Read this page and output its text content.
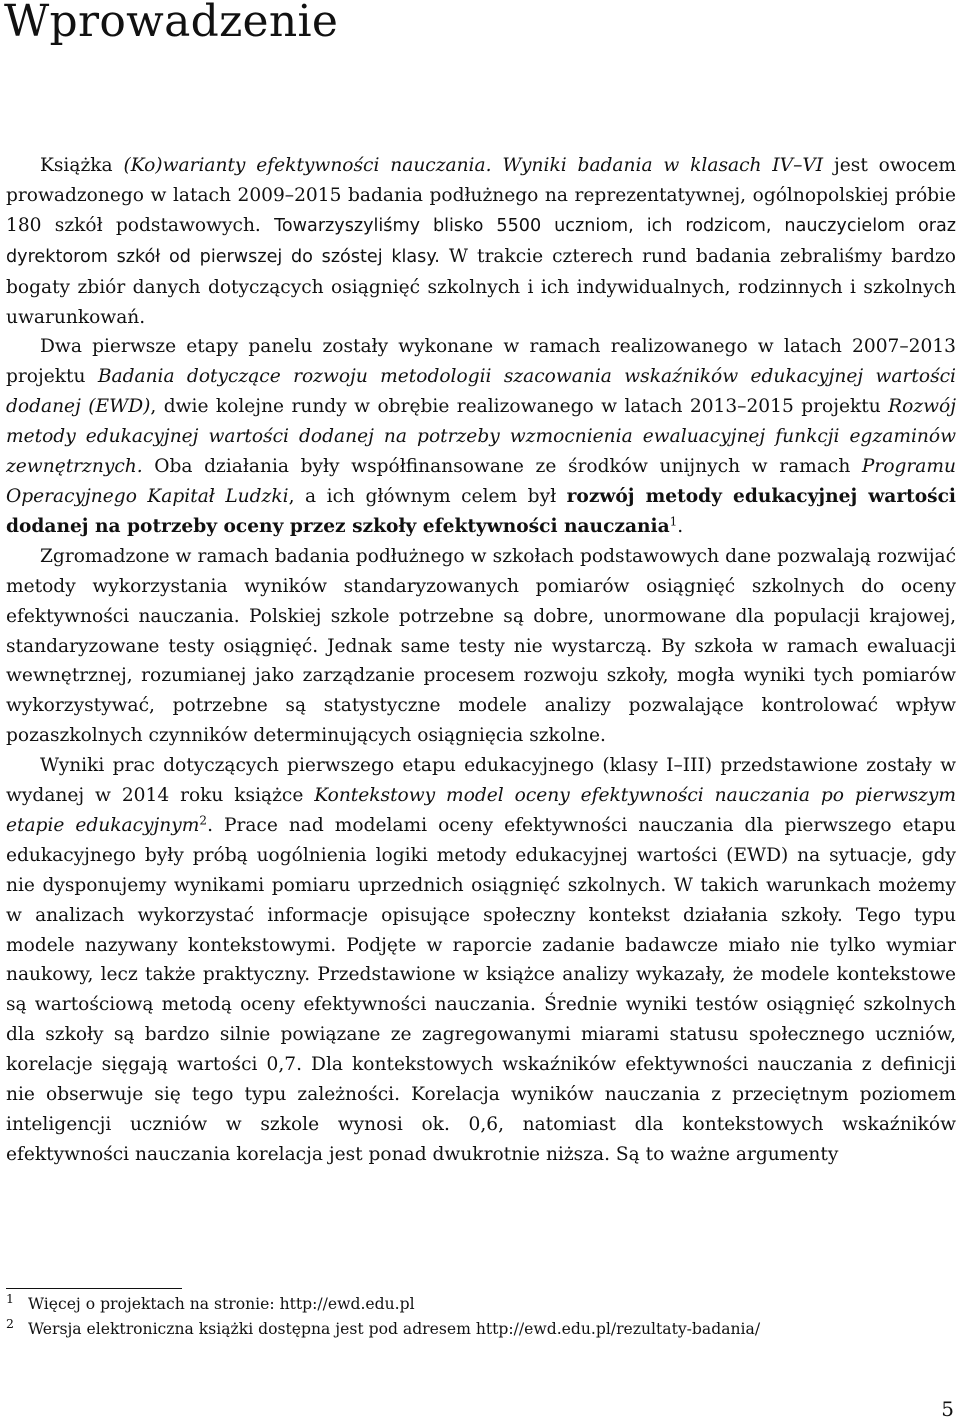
Wprowadzenie

Książka (Ko)warianty efektywności nauczania. Wyniki badania w klasach IV–VI jest owocem prowadzonego w latach 2009–2015 badania podłużnego na reprezentatywnej, ogólnopolskiej próbie 180 szkół podstawowych. Towarzyszyliśmy blisko 5500 uczniom, ich rodzicom, nauczycielom oraz dyrektorom szkół od pierwszej do szóstej klasy. W trakcie czterech rund badania zebraliśmy bardzo bogaty zbiór danych dotyczących osiągnięć szkolnych i ich indywidualnych, rodzinnych i szkolnych uwarunkowań.

Dwa pierwsze etapy panelu zostały wykonane w ramach realizowanego w latach 2007–2013 projektu Badania dotyczące rozwoju metodologii szacowania wskaźników edukacyjnej wartości dodanej (EWD), dwie kolejne rundy w obrębie realizowanego w latach 2013–2015 projektu Rozwój metody edukacyjnej wartości dodanej na potrzeby wzmocnienia ewaluacyjnej funkcji egzaminów zewnętrznych. Oba działania były współfinansowane ze środków unijnych w ramach Programu Operacyjnego Kapitał Ludzki, a ich głównym celem był rozwój metody edukacyjnej wartości dodanej na potrzeby oceny przez szkoły efektywności nauczania$^1$.

Zgromadzone w ramach badania podłużnego w szkołach podstawowych dane pozwalają rozwijać metody wykorzystania wyników standaryzowanych pomiarów osiągnięć szkolnych do oceny efektywności nauczania. Polskiej szkole potrzebne są dobre, unormowane dla populacji krajowej, standaryzowane testy osiągnięć. Jednak same testy nie wystarczą. By szkoła w ramach ewaluacji wewnętrznej, rozumianej jako zarządzanie procesem rozwoju szkoły, mogła wyniki tych pomiarów wykorzystywać, potrzebne są statystyczne modele analizy pozwalające kontrolować wpływ pozaszkolnych czynników determinujących osiągnięcia szkolne.

Wyniki prac dotyczących pierwszego etapu edukacyjnego (klasy I–III) przedstawione zostały w wydanej w 2014 roku książce Kontekstowy model oceny efektywności nauczania po pierwszym etapie edukacyjnym$^2$. Prace nad modelami oceny efektywności nauczania dla pierwszego etapu edukacyjnego były próbą uogólnienia logiki metody edukacyjnej wartości (EWD) na sytuacje, gdy nie dysponujemy wynikami pomiaru uprzednich osiągnięć szkolnych. W takich warunkach możemy w analizach wykorzystać informacje opisujące społeczny kontekst działania szkoły. Tego typu modele nazywany kontekstowymi. Podjęte w raporcie zadanie badawcze miało nie tylko wymiar naukowy, lecz także praktyczny. Przedstawione w książce analizy wykazały, że modele kontekstowe są wartościową metodą oceny efektywności nauczania. Średnie wyniki testów osiągnięć szkolnych dla szkoły są bardzo silnie powiązane ze zagregowanymi miarami statusu społecznego uczniów, korelacje sięgają wartości 0,7. Dla kontekstowych wskaźników efektywności nauczania z definicji nie obserwuje się tego typu zależności. Korelacja wyników nauczania z przeciętnym poziomem inteligencji uczniów w szkole wynosi ok. 0,6, natomiast dla kontekstowych wskaźników efektywności nauczania korelacja jest ponad dwukrotnie niższa. Są to ważne argumenty

1 Więcej o projektach na stronie: http://ewd.edu.pl
2 Wersja elektroniczna książki dostępna jest pod adresem http://ewd.edu.pl/rezultaty-badania/
5
